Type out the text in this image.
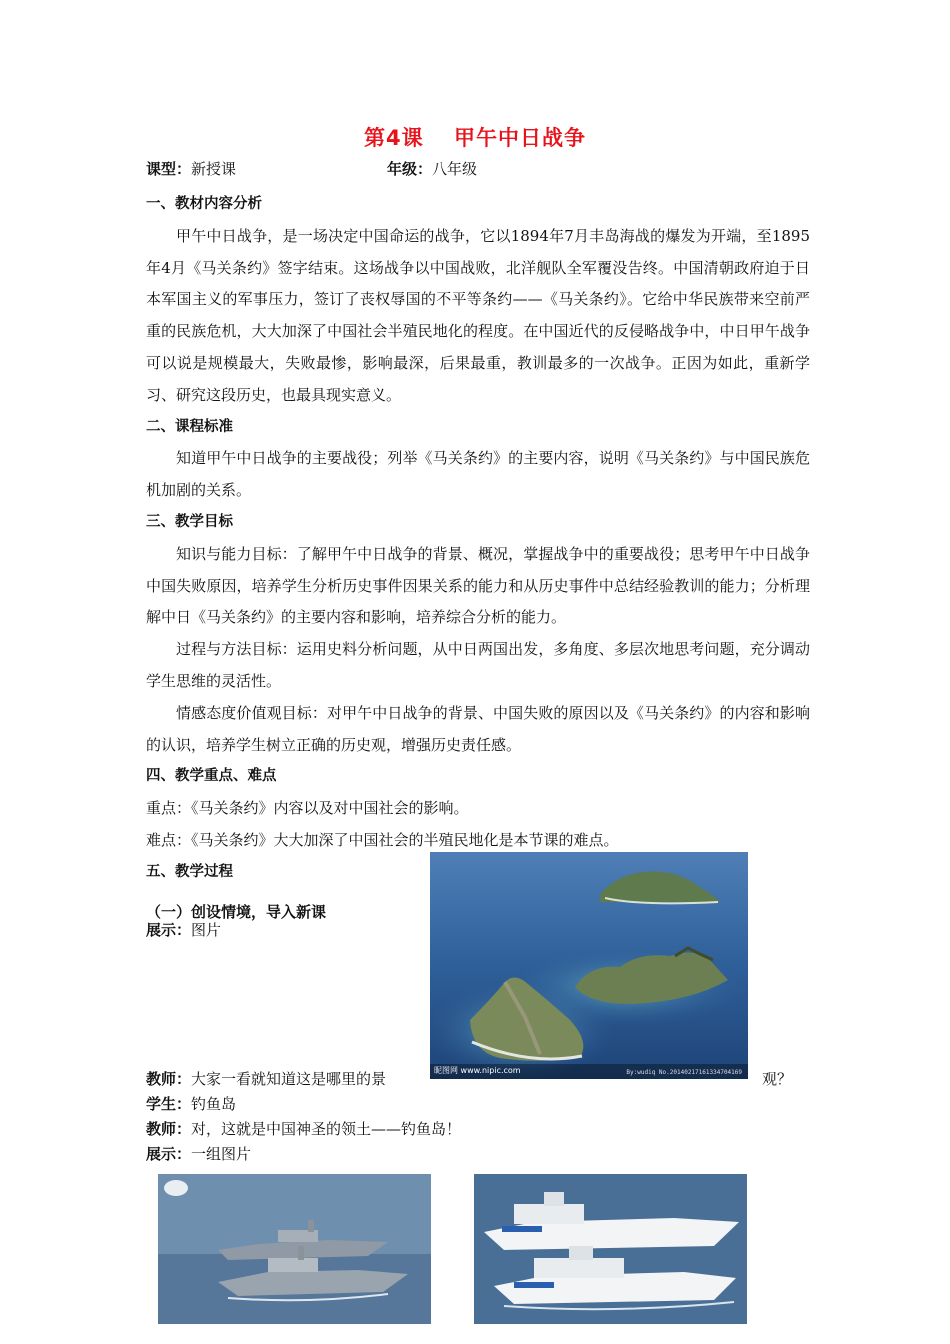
第4课　 甲午中日战争
课型：新授课	年级：八年级

一、教材内容分析

甲午中日战争，是一场决定中国命运的战争，它以1894年7月丰岛海战的爆发为开端，至1895年4月《马关条约》签字结束。这场战争以中国战败，北洋舰队全军覆没告终。中国清朝政府迫于日本军国主义的军事压力，签订了丧权辱国的不平等条约——《马关条约》。它给中华民族带来空前严重的民族危机，大大加深了中国社会半殖民地化的程度。在中国近代的反侵略战争中，中日甲午战争可以说是规模最大，失败最惨，影响最深，后果最重，教训最多的一次战争。正因为如此，重新学习、研究这段历史，也最具现实意义。

二、课程标准

知道甲午中日战争的主要战役；列举《马关条约》的主要内容，说明《马关条约》与中国民族危机加剧的关系。

三、教学目标

知识与能力目标：了解甲午中日战争的背景、概况，掌握战争中的重要战役；思考甲午中日战争中国失败原因，培养学生分析历史事件因果关系的能力和从历史事件中总结经验教训的能力；分析理解中日《马关条约》的主要内容和影响，培养综合分析的能力。

过程与方法目标：运用史料分析问题，从中日两国出发，多角度、多层次地思考问题，充分调动学生思维的灵活性。

情感态度价值观目标：对甲午中日战争的背景、中国失败的原因以及《马关条约》的内容和影响的认识，培养学生树立正确的历史观，增强历史责任感。

四、教学重点、难点

重点：《马关条约》内容以及对中国社会的影响。

难点：《马关条约》大大加深了中国社会的半殖民地化是本节课的难点。

五、教学过程

昵图网 www.nipic.com	By:wudiq No.20140217161334704169
（一）创设情境，导入新课
展示：图片
教师：大家一看就知道这是哪里的景	观？
学生：钓鱼岛
教师：对，这就是中国神圣的领土——钓鱼岛！
展示：一组图片
